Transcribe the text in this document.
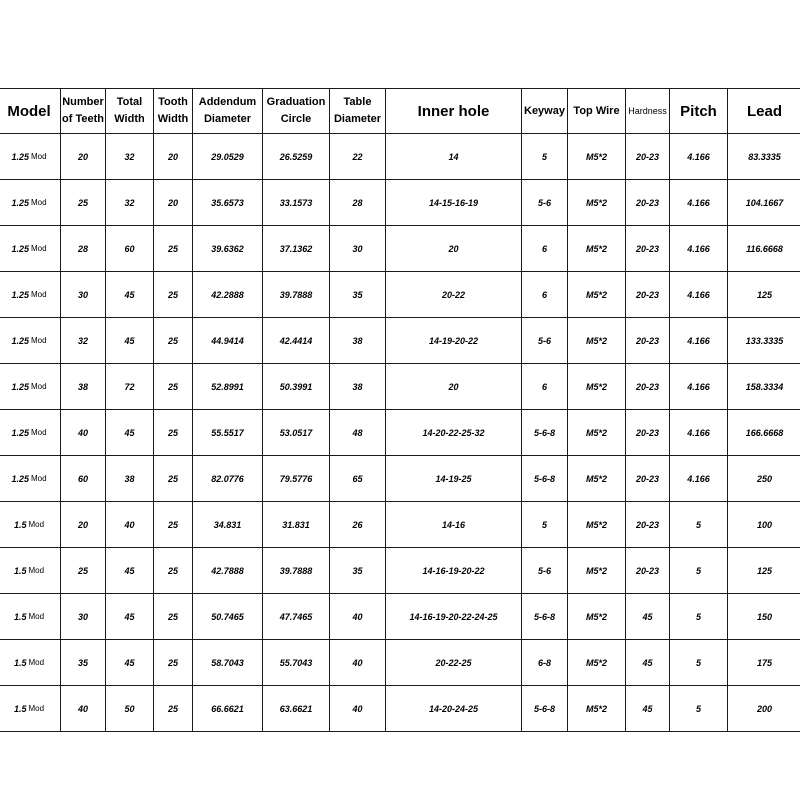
Model	Number of Teeth	Total Width	Tooth Width	Addendum Diameter	Graduation Circle	Table Diameter	Inner hole	Keyway	Top Wire	Hardness	Pitch	Lead
1.25 Mod	20	32	20	29.0529	26.5259	22	14	5	M5*2	20-23	4.166	83.3335
1.25 Mod	25	32	20	35.6573	33.1573	28	14-15-16-19	5-6	M5*2	20-23	4.166	104.1667
1.25 Mod	28	60	25	39.6362	37.1362	30	20	6	M5*2	20-23	4.166	116.6668
1.25 Mod	30	45	25	42.2888	39.7888	35	20-22	6	M5*2	20-23	4.166	125
1.25 Mod	32	45	25	44.9414	42.4414	38	14-19-20-22	5-6	M5*2	20-23	4.166	133.3335
1.25 Mod	38	72	25	52.8991	50.3991	38	20	6	M5*2	20-23	4.166	158.3334
1.25 Mod	40	45	25	55.5517	53.0517	48	14-20-22-25-32	5-6-8	M5*2	20-23	4.166	166.6668
1.25 Mod	60	38	25	82.0776	79.5776	65	14-19-25	5-6-8	M5*2	20-23	4.166	250
1.5 Mod	20	40	25	34.831	31.831	26	14-16	5	M5*2	20-23	5	100
1.5 Mod	25	45	25	42.7888	39.7888	35	14-16-19-20-22	5-6	M5*2	20-23	5	125
1.5 Mod	30	45	25	50.7465	47.7465	40	14-16-19-20-22-24-25	5-6-8	M5*2	45	5	150
1.5 Mod	35	45	25	58.7043	55.7043	40	20-22-25	6-8	M5*2	45	5	175
1.5 Mod	40	50	25	66.6621	63.6621	40	14-20-24-25	5-6-8	M5*2	45	5	200
